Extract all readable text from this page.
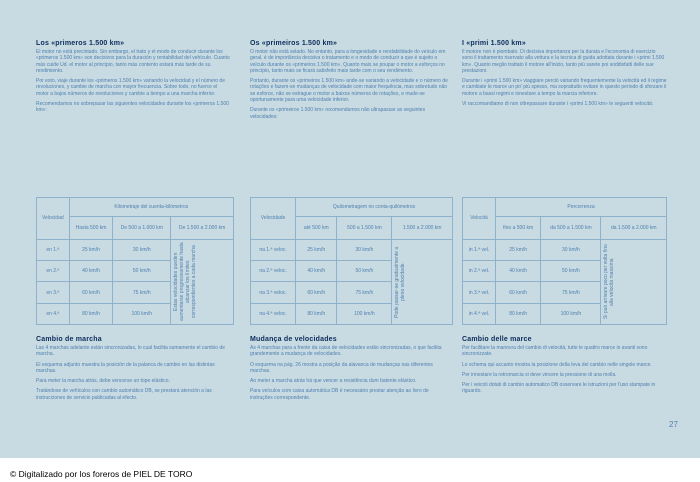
Los «primeros 1.500 km»

El motor no está precintado. Sin embargo, el trato y el modo de conducir durante los «primeros 1.500 km» son decisivos para la duración y rentabilidad del vehículo. Cuanto más cuide Ud. el motor al principio, tanto más contento estará más tarde de su rendimiento.

Por esto, viaje durante los «primeros 1.500 km» variando la velocidad y el número de revoluciones, y cambie de marcha con mayor frecuencia. Sobre todo, no fuerce el motor a bajos números de revoluciones y cambie a tiempo a una marcha inferior.

Recomendamos no sobrepasar las siguientes velocidades durante los «primeros 1.500 km»:

Os «primeiros 1.500 km»

O motor não está selado. No entanto, para a longevidade e rendabilidade do veículo em geral, é de importância decisiva o tratamento e o modo de conduzir a que é sujeito o veículo durante os «primeiros 1.500 km». Quanto mais se poupar o motor a esforços no princípio, tanto mais se ficará satisfeito mais tarde com o seu rendimento.

Portanto, durante os «primeiros 1.500 km» ande-se variando a velocidade e o número de rotações e fazem-se mudanças de velocidade com maior frequência, mas sobretudo não se esforce, não se estrague o motor a baixos números de rotações, e mude-se oportunamente para uma velocidade inferior.

Durante os «primeiros 1.500 km» recomendamos não ultrapassar as seguintes velocidades:

I «primi 1.500 km»

Il motore non è piombato. Di decisiva importanza per la durata e l'economia di esercizio sono il trattamento riservato alla vettura e la tecnica di guida adottata durante i «primi 1.500 km». Quanto meglio trattato il motore all'inizio, tanto più sarete poi soddisfatti delle sue prestazioni.

Durante i «primi 1.500 km» viaggiare perciò variando frequentemente la velocità ed il regime e cambiate le marce un po' più spesso, ma soprattutto evitare in questo periodo di sforzare il motore a bassi regimi e innestare a tempo la marcia inferiore.

Vi raccomandiamo di non oltrepassare durante i «primi 1.500 km» le seguenti velocità:

Velocidad	Kilometraje del cuenta-kilómetros		
	Hasta 500 km	De 500 a 1.000 km	De 1.500 a 2.000 km
en 1.ª	25 km/h	30 km/h	Estas velocidades pueden aumentarse progresivamente hasta alcanzar los límites correspondientes a cada marcha

en 2.ª	40 km/h	50 km/h	
en 3.ª	60 km/h	75 km/h	
en 4.ª	80 km/h	100 km/h	
Velocidade	Quilometragem no conta-quilómetros		
	até 500 km	500 a 1.500 km	1.500 a 2.000 km
na 1.ª veloc.	25 km/h	30 km/h	Pode passar-se gradualmente a pleno velocidade.

na 2.ª veloc.	40 km/h	50 km/h	
na 3.ª veloc.	60 km/h	75 km/h	
na 4.ª veloc.	80 km/h	100 km/h	
Velocità	Percorrenza		
	fino a 500 km	da 500 a 1.500 km	da 1.500 a 2.000 km
in 1.ª vel.	25 km/h	30 km/h	Si può arrivare poco per volta fino alla velocità massima

in 2.ª vel.	40 km/h	50 km/h	
in 3.ª vel.	60 km/h	75 km/h	
in 4.ª vel.	80 km/h	100 km/h	
Cambio de marcha

Las 4 marchas adelante están sincronizadas, lo cual facilita sumamente el cambio de marcha.

El esquema adjunto muestra la posición de la palanca de cambio en las distintas marchas.

Para meter la marcha atrás, debe vencerse un tope elástico.

Tratándose de vehículos con cambio automático DB, se prestará atención a las instrucciones de servicio publicadas al efecto.

Mudança de velocidades

As 4 marchas para a frente da caixa de velocidades estão sincronizadas, o que facilita grandemente a mudança de velocidades.

O esquema na pág. 26 mostra a posição da alavanca de mudanças nas diferentes marchas.

Ao meter a marcha atrás há que vencer a resistência dum batente elástico.

Para veículos com caixa automática DB é necessário prestar atenção ao livro de instruções correspondente.

Cambio delle marce

Per facilitare la manovra del cambio di velocità, tutte le quattro marce in avanti sono sincronizzate.

Lo schema qui accanto mostra la posizione della leva del cambio nelle singole marce.

Per innestare la retromarcia si deve vincere la pressione di una molla.

Per i veicoli dotati di cambio automatico DB osservare le istruzioni per l'uso stampate in riguardo.

27
© Digitalizado por los foreros de PIEL DE TORO
